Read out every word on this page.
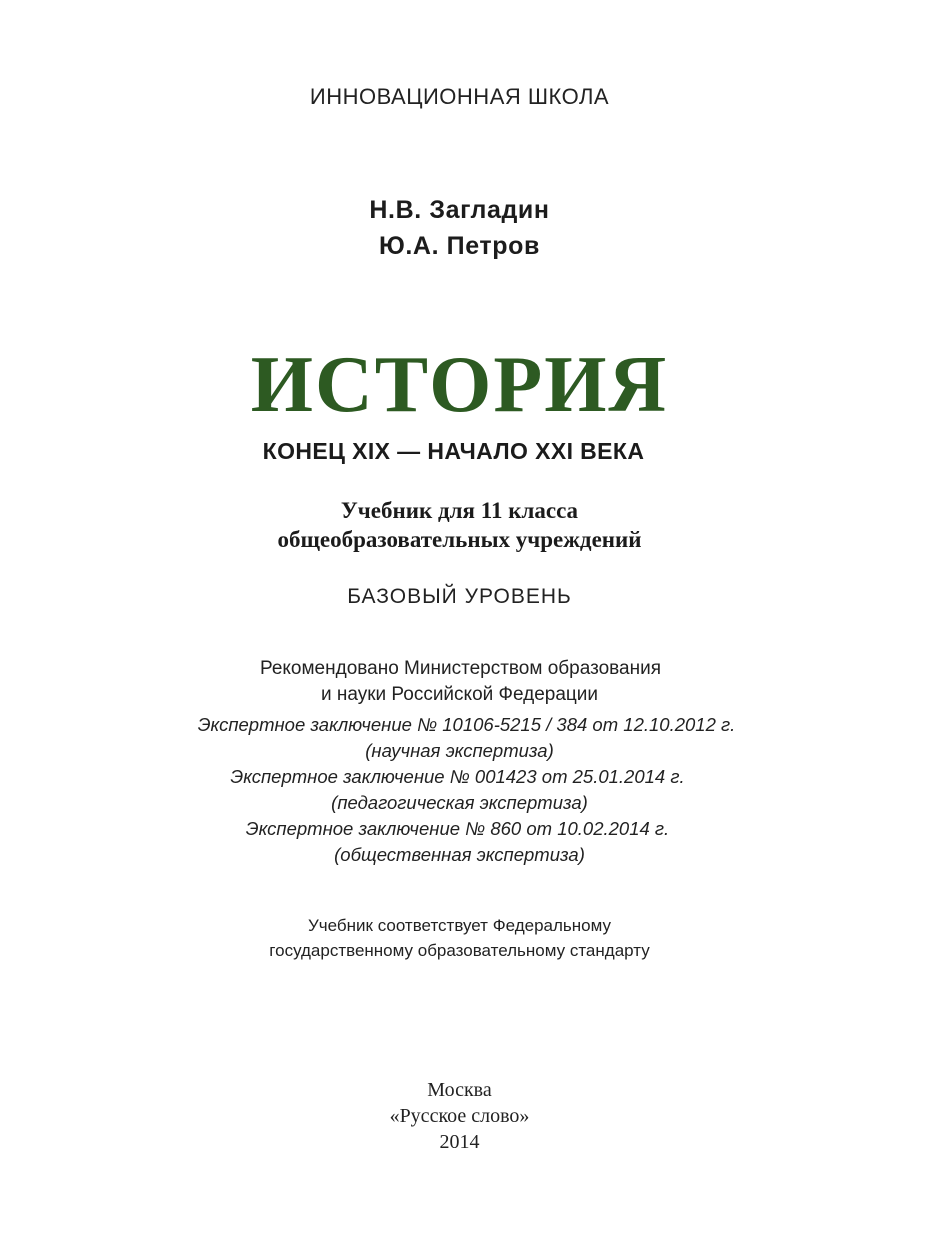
ИННОВАЦИОННАЯ ШКОЛА
Н.В. Загладин
Ю.А. Петров
ИСТОРИЯ
КОНЕЦ XIX — НАЧАЛО XXI ВЕКА
Учебник для 11 класса
общеобразовательных учреждений
БАЗОВЫЙ УРОВЕНЬ
Рекомендовано Министерством образования
и науки Российской Федерации
Экспертное заключение № 10106-5215 / 384 от 12.10.2012 г.
(научная экспертиза)
Экспертное заключение № 001423 от 25.01.2014 г.
(педагогическая экспертиза)
Экспертное заключение № 860 от 10.02.2014 г.
(общественная экспертиза)
Учебник соответствует Федеральному
государственному образовательному стандарту
Москва
«Русское слово»
2014
